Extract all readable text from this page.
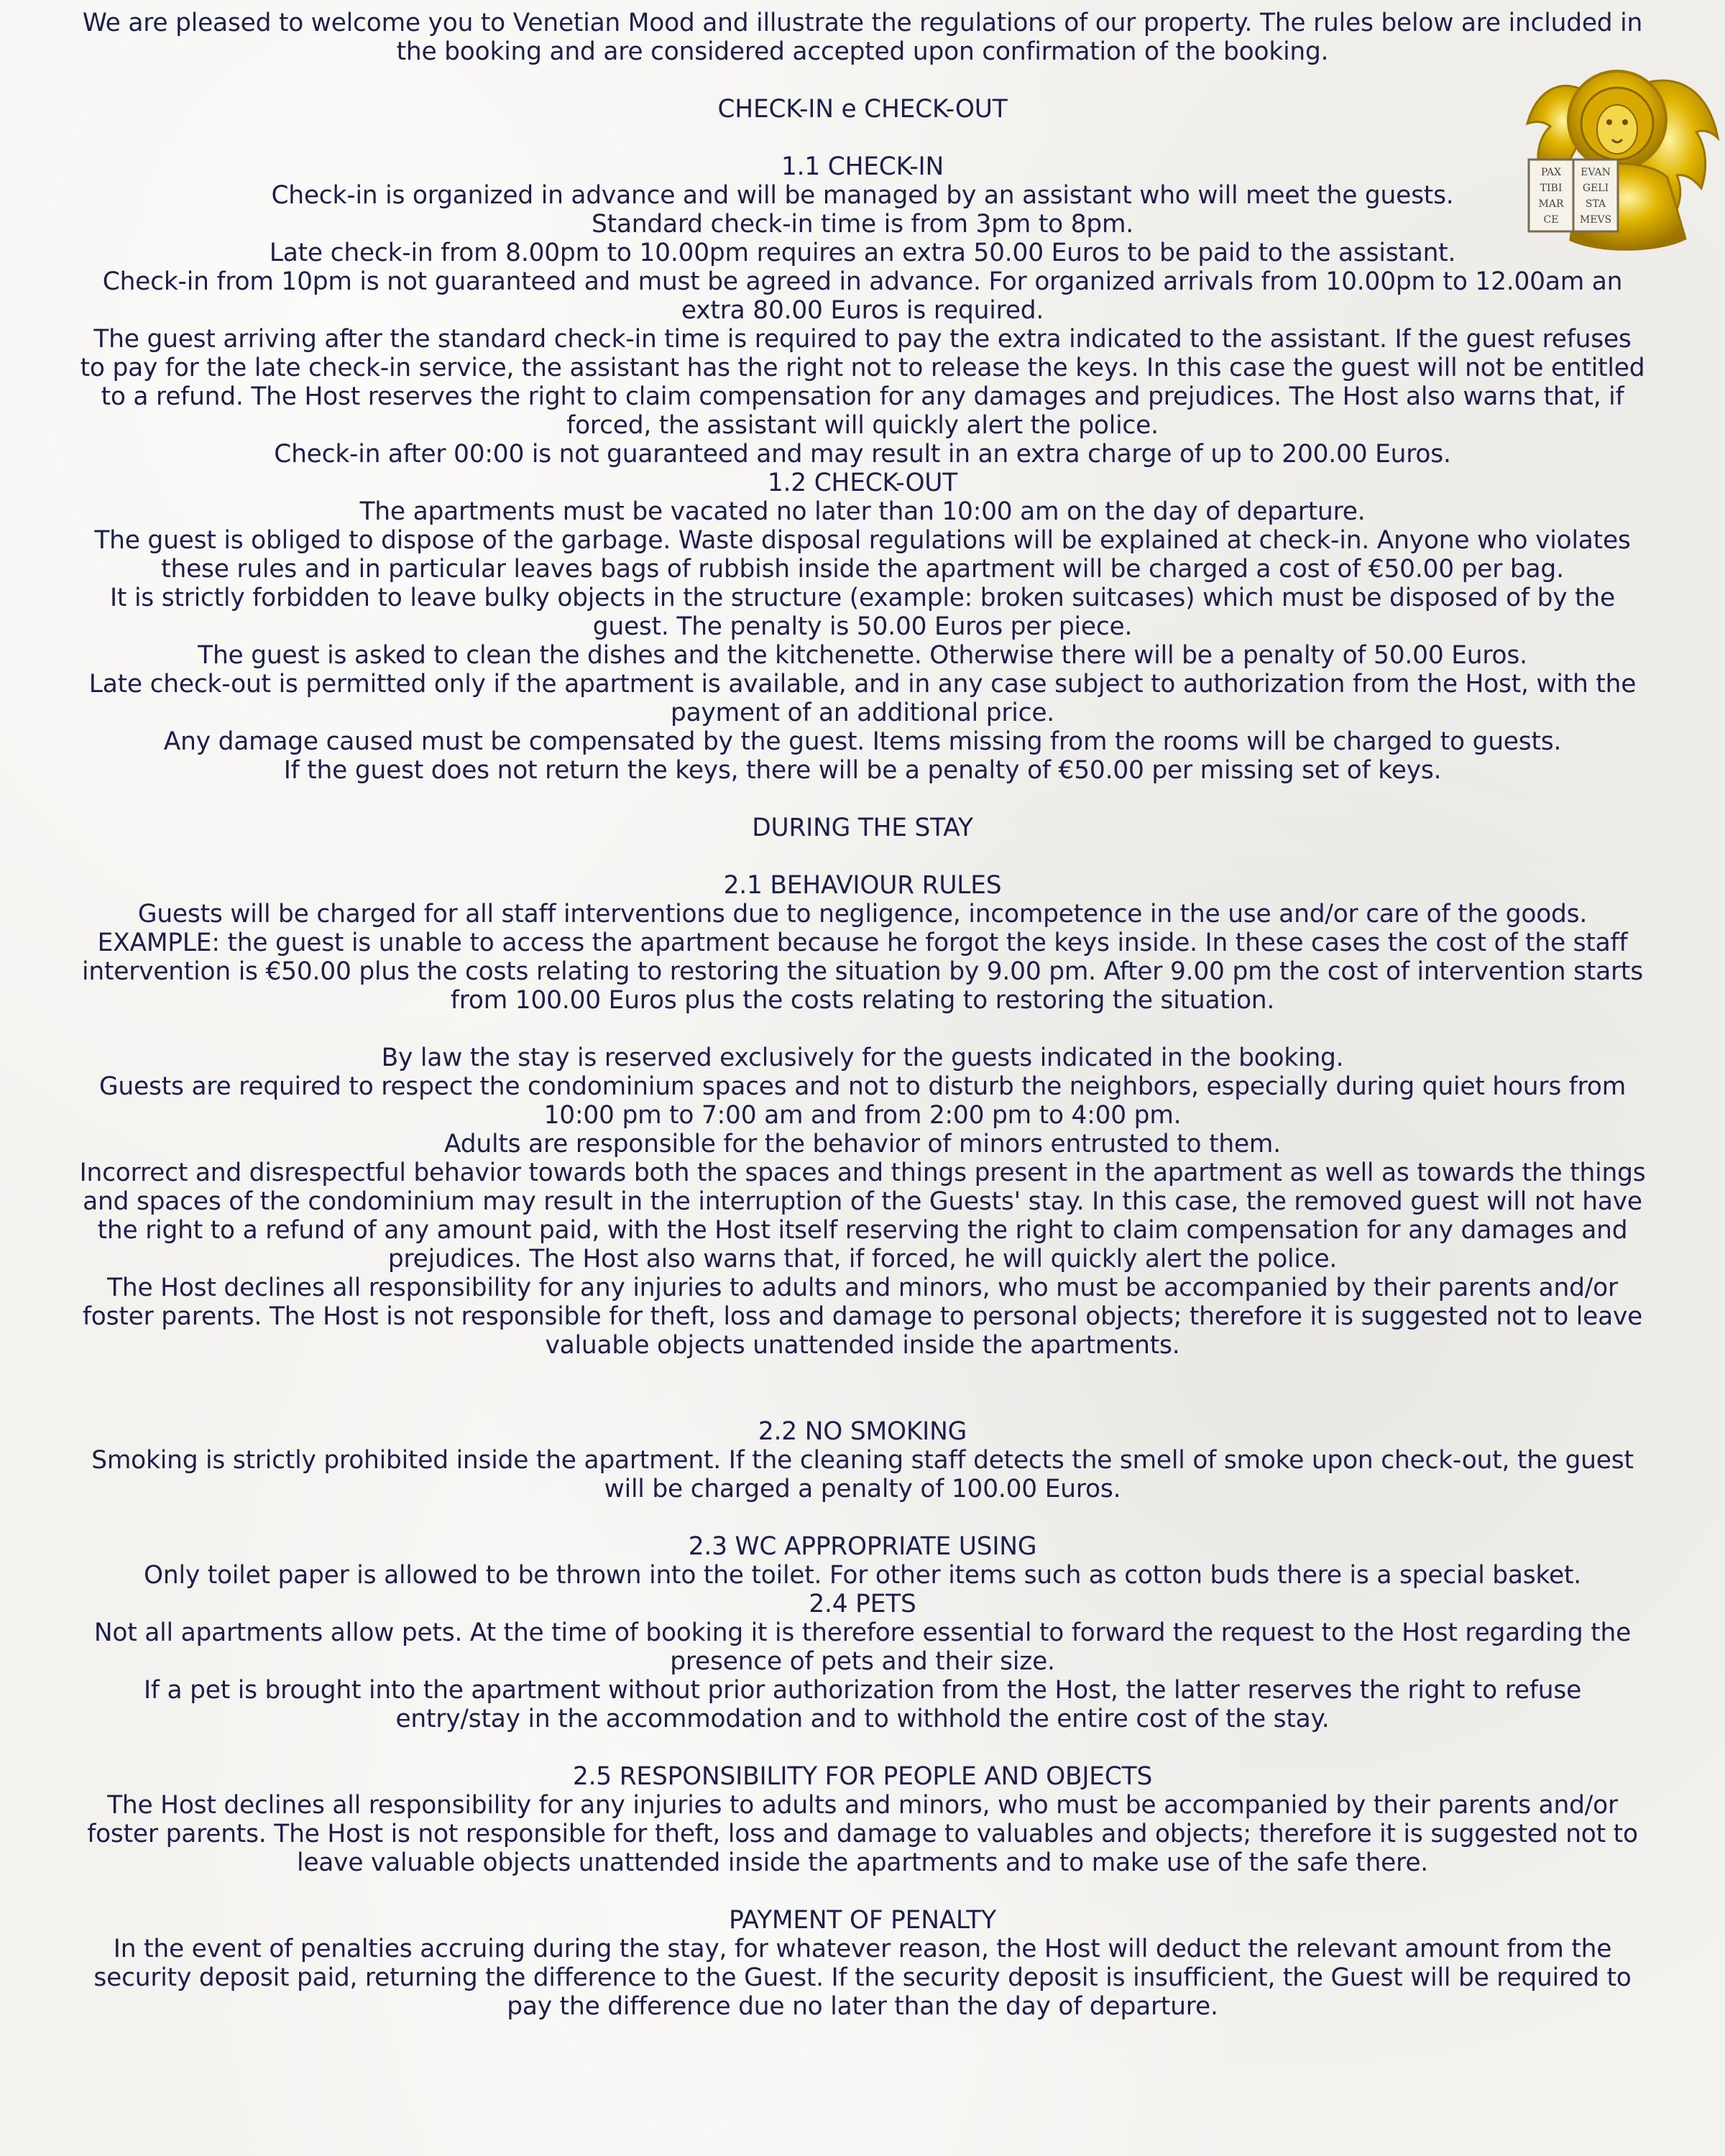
PAX
TIBI
MAR
CE
EVAN
GELI
STA
MEVS

We are pleased to welcome you to Venetian Mood and illustrate the regulations of our property. The rules below are included in the booking and are considered accepted upon confirmation of the booking.

CHECK-IN e CHECK-OUT

1.1 CHECK-IN

Check-in is organized in advance and will be managed by an assistant who will meet the guests.

Standard check-in time is from 3pm to 8pm.

Late check-in from 8.00pm to 10.00pm requires an extra 50.00 Euros to be paid to the assistant.

Check-in from 10pm is not guaranteed and must be agreed in advance. For organized arrivals from 10.00pm to 12.00am an extra 80.00 Euros is required.

The guest arriving after the standard check-in time is required to pay the extra indicated to the assistant. If the guest refuses to pay for the late check-in service, the assistant has the right not to release the keys. In this case the guest will not be entitled to a refund. The Host reserves the right to claim compensation for any damages and prejudices. The Host also warns that, if forced, the assistant will quickly alert the police.

Check-in after 00:00 is not guaranteed and may result in an extra charge of up to 200.00 Euros.

1.2 CHECK-OUT

The apartments must be vacated no later than 10:00 am on the day of departure.

The guest is obliged to dispose of the garbage. Waste disposal regulations will be explained at check-in. Anyone who violates these rules and in particular leaves bags of rubbish inside the apartment will be charged a cost of €50.00 per bag.

It is strictly forbidden to leave bulky objects in the structure (example: broken suitcases) which must be disposed of by the guest. The penalty is 50.00 Euros per piece.

The guest is asked to clean the dishes and the kitchenette. Otherwise there will be a penalty of 50.00 Euros.

Late check-out is permitted only if the apartment is available, and in any case subject to authorization from the Host, with the payment of an additional price.

Any damage caused must be compensated by the guest. Items missing from the rooms will be charged to guests.

If the guest does not return the keys, there will be a penalty of €50.00 per missing set of keys.

DURING THE STAY

2.1 BEHAVIOUR RULES

Guests will be charged for all staff interventions due to negligence, incompetence in the use and/or care of the goods. EXAMPLE: the guest is unable to access the apartment because he forgot the keys inside. In these cases the cost of the staff intervention is €50.00 plus the costs relating to restoring the situation by 9.00 pm. After 9.00 pm the cost of intervention starts from 100.00 Euros plus the costs relating to restoring the situation.

By law the stay is reserved exclusively for the guests indicated in the booking.

Guests are required to respect the condominium spaces and not to disturb the neighbors, especially during quiet hours from 10:00 pm to 7:00 am and from 2:00 pm to 4:00 pm.

Adults are responsible for the behavior of minors entrusted to them.

Incorrect and disrespectful behavior towards both the spaces and things present in the apartment as well as towards the things and spaces of the condominium may result in the interruption of the Guests' stay. In this case, the removed guest will not have the right to a refund of any amount paid, with the Host itself reserving the right to claim compensation for any damages and prejudices. The Host also warns that, if forced, he will quickly alert the police.

The Host declines all responsibility for any injuries to adults and minors, who must be accompanied by their parents and/or foster parents. The Host is not responsible for theft, loss and damage to personal objects; therefore it is suggested not to leave valuable objects unattended inside the apartments.

2.2 NO SMOKING

Smoking is strictly prohibited inside the apartment. If the cleaning staff detects the smell of smoke upon check-out, the guest will be charged a penalty of 100.00 Euros.

2.3 WC APPROPRIATE USING

Only toilet paper is allowed to be thrown into the toilet. For other items such as cotton buds there is a special basket.

2.4 PETS

Not all apartments allow pets. At the time of booking it is therefore essential to forward the request to the Host regarding the presence of pets and their size.

If a pet is brought into the apartment without prior authorization from the Host, the latter reserves the right to refuse entry/stay in the accommodation and to withhold the entire cost of the stay.

2.5 RESPONSIBILITY FOR PEOPLE AND OBJECTS

The Host declines all responsibility for any injuries to adults and minors, who must be accompanied by their parents and/or foster parents. The Host is not responsible for theft, loss and damage to valuables and objects; therefore it is suggested not to leave valuable objects unattended inside the apartments and to make use of the safe there.

PAYMENT OF PENALTY

In the event of penalties accruing during the stay, for whatever reason, the Host will deduct the relevant amount from the security deposit paid, returning the difference to the Guest. If the security deposit is insufficient, the Guest will be required to pay the difference due no later than the day of departure.
